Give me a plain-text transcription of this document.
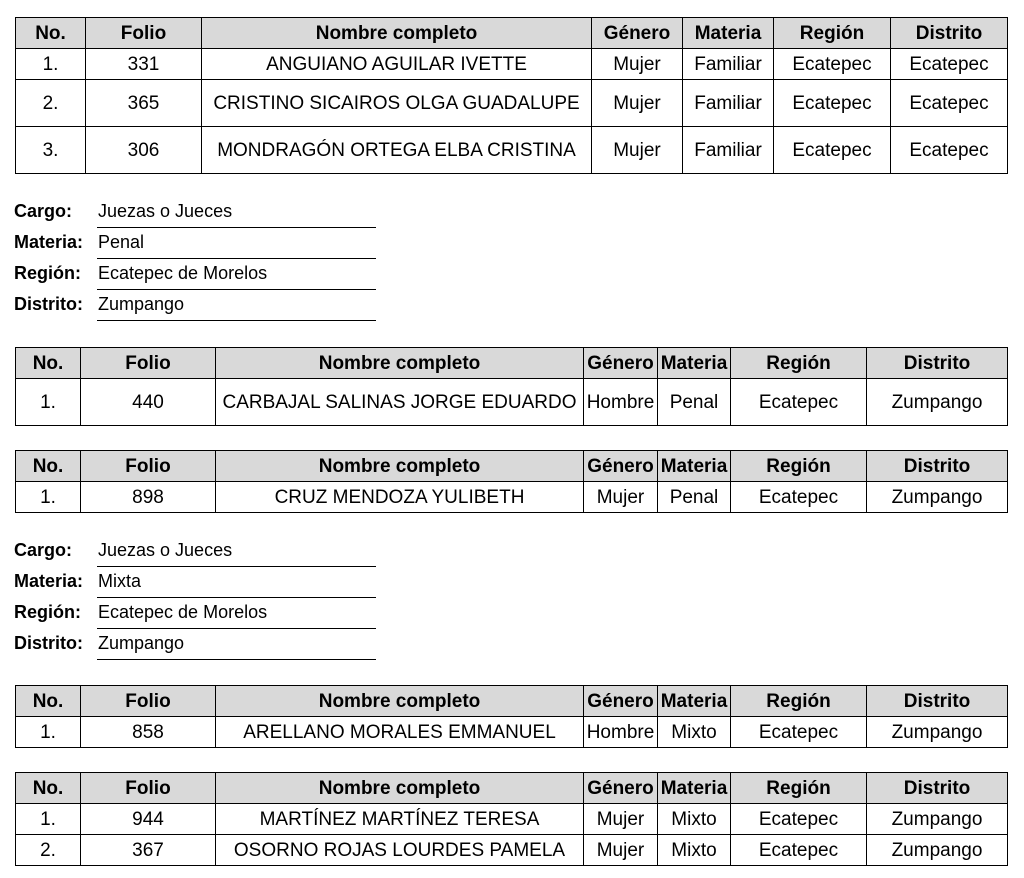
No.	Folio	Nombre completo	Género	Materia	Región	Distrito
1.	331	ANGUIANO AGUILAR IVETTE	Mujer	Familiar	Ecatepec	Ecatepec
2.	365	CRISTINO SICAIROS OLGA GUADALUPE	Mujer	Familiar	Ecatepec	Ecatepec
3.	306	MONDRAGÓN ORTEGA ELBA CRISTINA	Mujer	Familiar	Ecatepec	Ecatepec
Cargo: Juezas o Jueces
Materia: Penal
Región: Ecatepec de Morelos
Distrito: Zumpango
No.	Folio	Nombre completo	Género	Materia	Región	Distrito
1.	440	CARBAJAL SALINAS JORGE EDUARDO	Hombre	Penal	Ecatepec	Zumpango
No.	Folio	Nombre completo	Género	Materia	Región	Distrito
1.	898	CRUZ MENDOZA YULIBETH	Mujer	Penal	Ecatepec	Zumpango
Cargo: Juezas o Jueces
Materia: Mixta
Región: Ecatepec de Morelos
Distrito: Zumpango
No.	Folio	Nombre completo	Género	Materia	Región	Distrito
1.	858	ARELLANO MORALES EMMANUEL	Hombre	Mixto	Ecatepec	Zumpango
No.	Folio	Nombre completo	Género	Materia	Región	Distrito
1.	944	MARTÍNEZ MARTÍNEZ TERESA	Mujer	Mixto	Ecatepec	Zumpango
2.	367	OSORNO ROJAS LOURDES PAMELA	Mujer	Mixto	Ecatepec	Zumpango
